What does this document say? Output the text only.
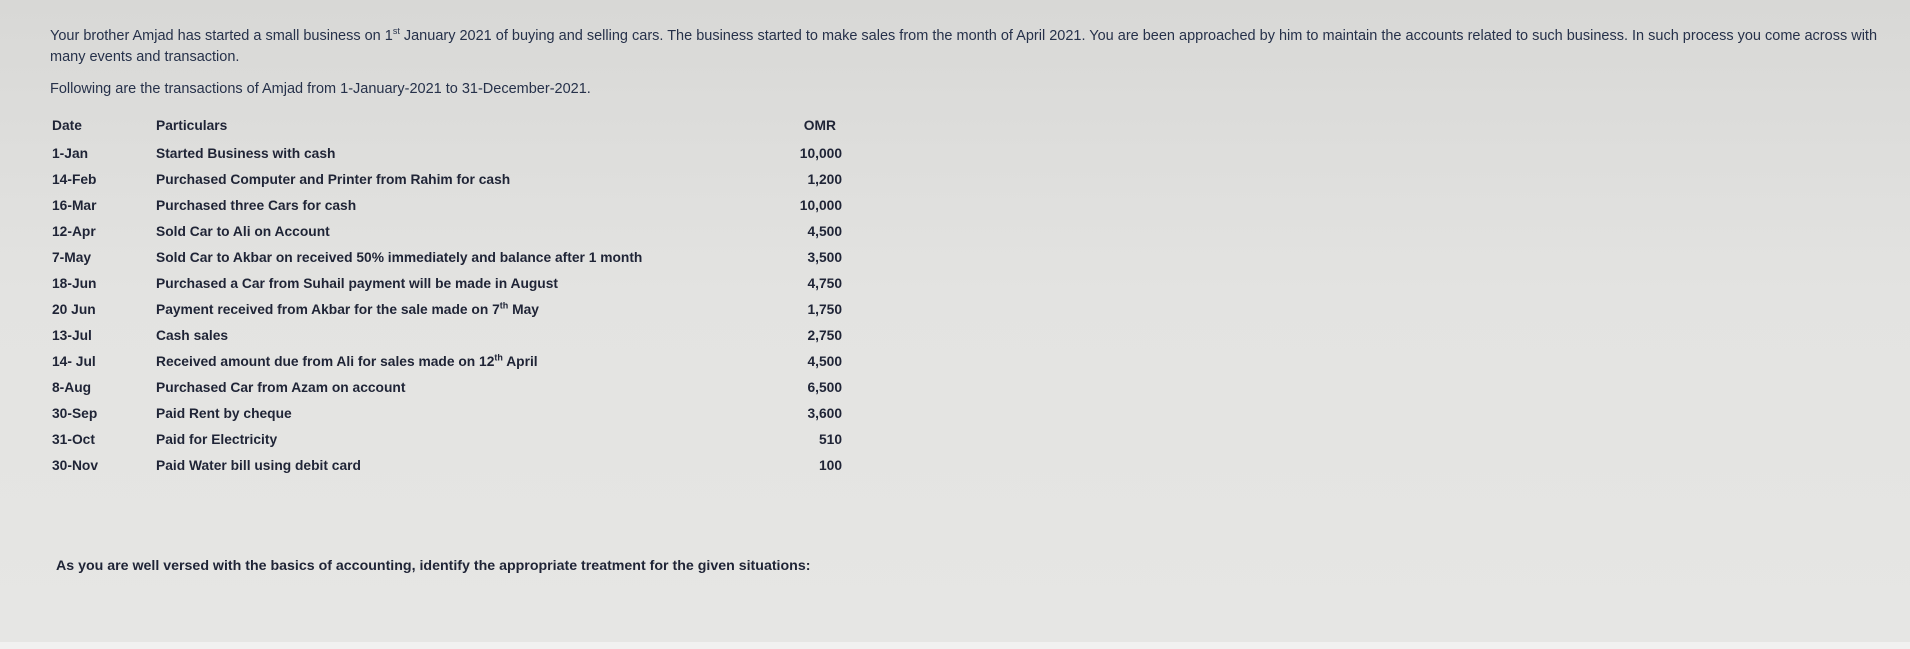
Your brother Amjad has started a small business on 1st January 2021 of buying and selling cars. The business started to make sales from the month of April 2021. You are been approached by him to maintain the accounts related to such business. In such process you come across with many events and transaction.
Following are the transactions of Amjad from 1-January-2021 to 31-December-2021.
Date	Particulars	OMR
1-Jan	Started Business with cash	10,000
14-Feb	Purchased Computer and Printer from Rahim for cash	1,200
16-Mar	Purchased three Cars for cash	10,000
12-Apr	Sold Car to Ali on Account	4,500
7-May	Sold Car to Akbar on received 50% immediately and balance after 1 month	3,500
18-Jun	Purchased a Car from Suhail payment will be made in August	4,750
20 Jun	Payment received from Akbar for the sale made on 7th May	1,750
13-Jul	Cash sales	2,750
14- Jul	Received amount due from Ali for sales made on 12th April	4,500
8-Aug	Purchased Car from Azam on account	6,500
30-Sep	Paid Rent by cheque	3,600
31-Oct	Paid for Electricity	510
30-Nov	Paid Water bill using debit card	100
As you are well versed with the basics of accounting, identify the appropriate treatment for the given situations:
